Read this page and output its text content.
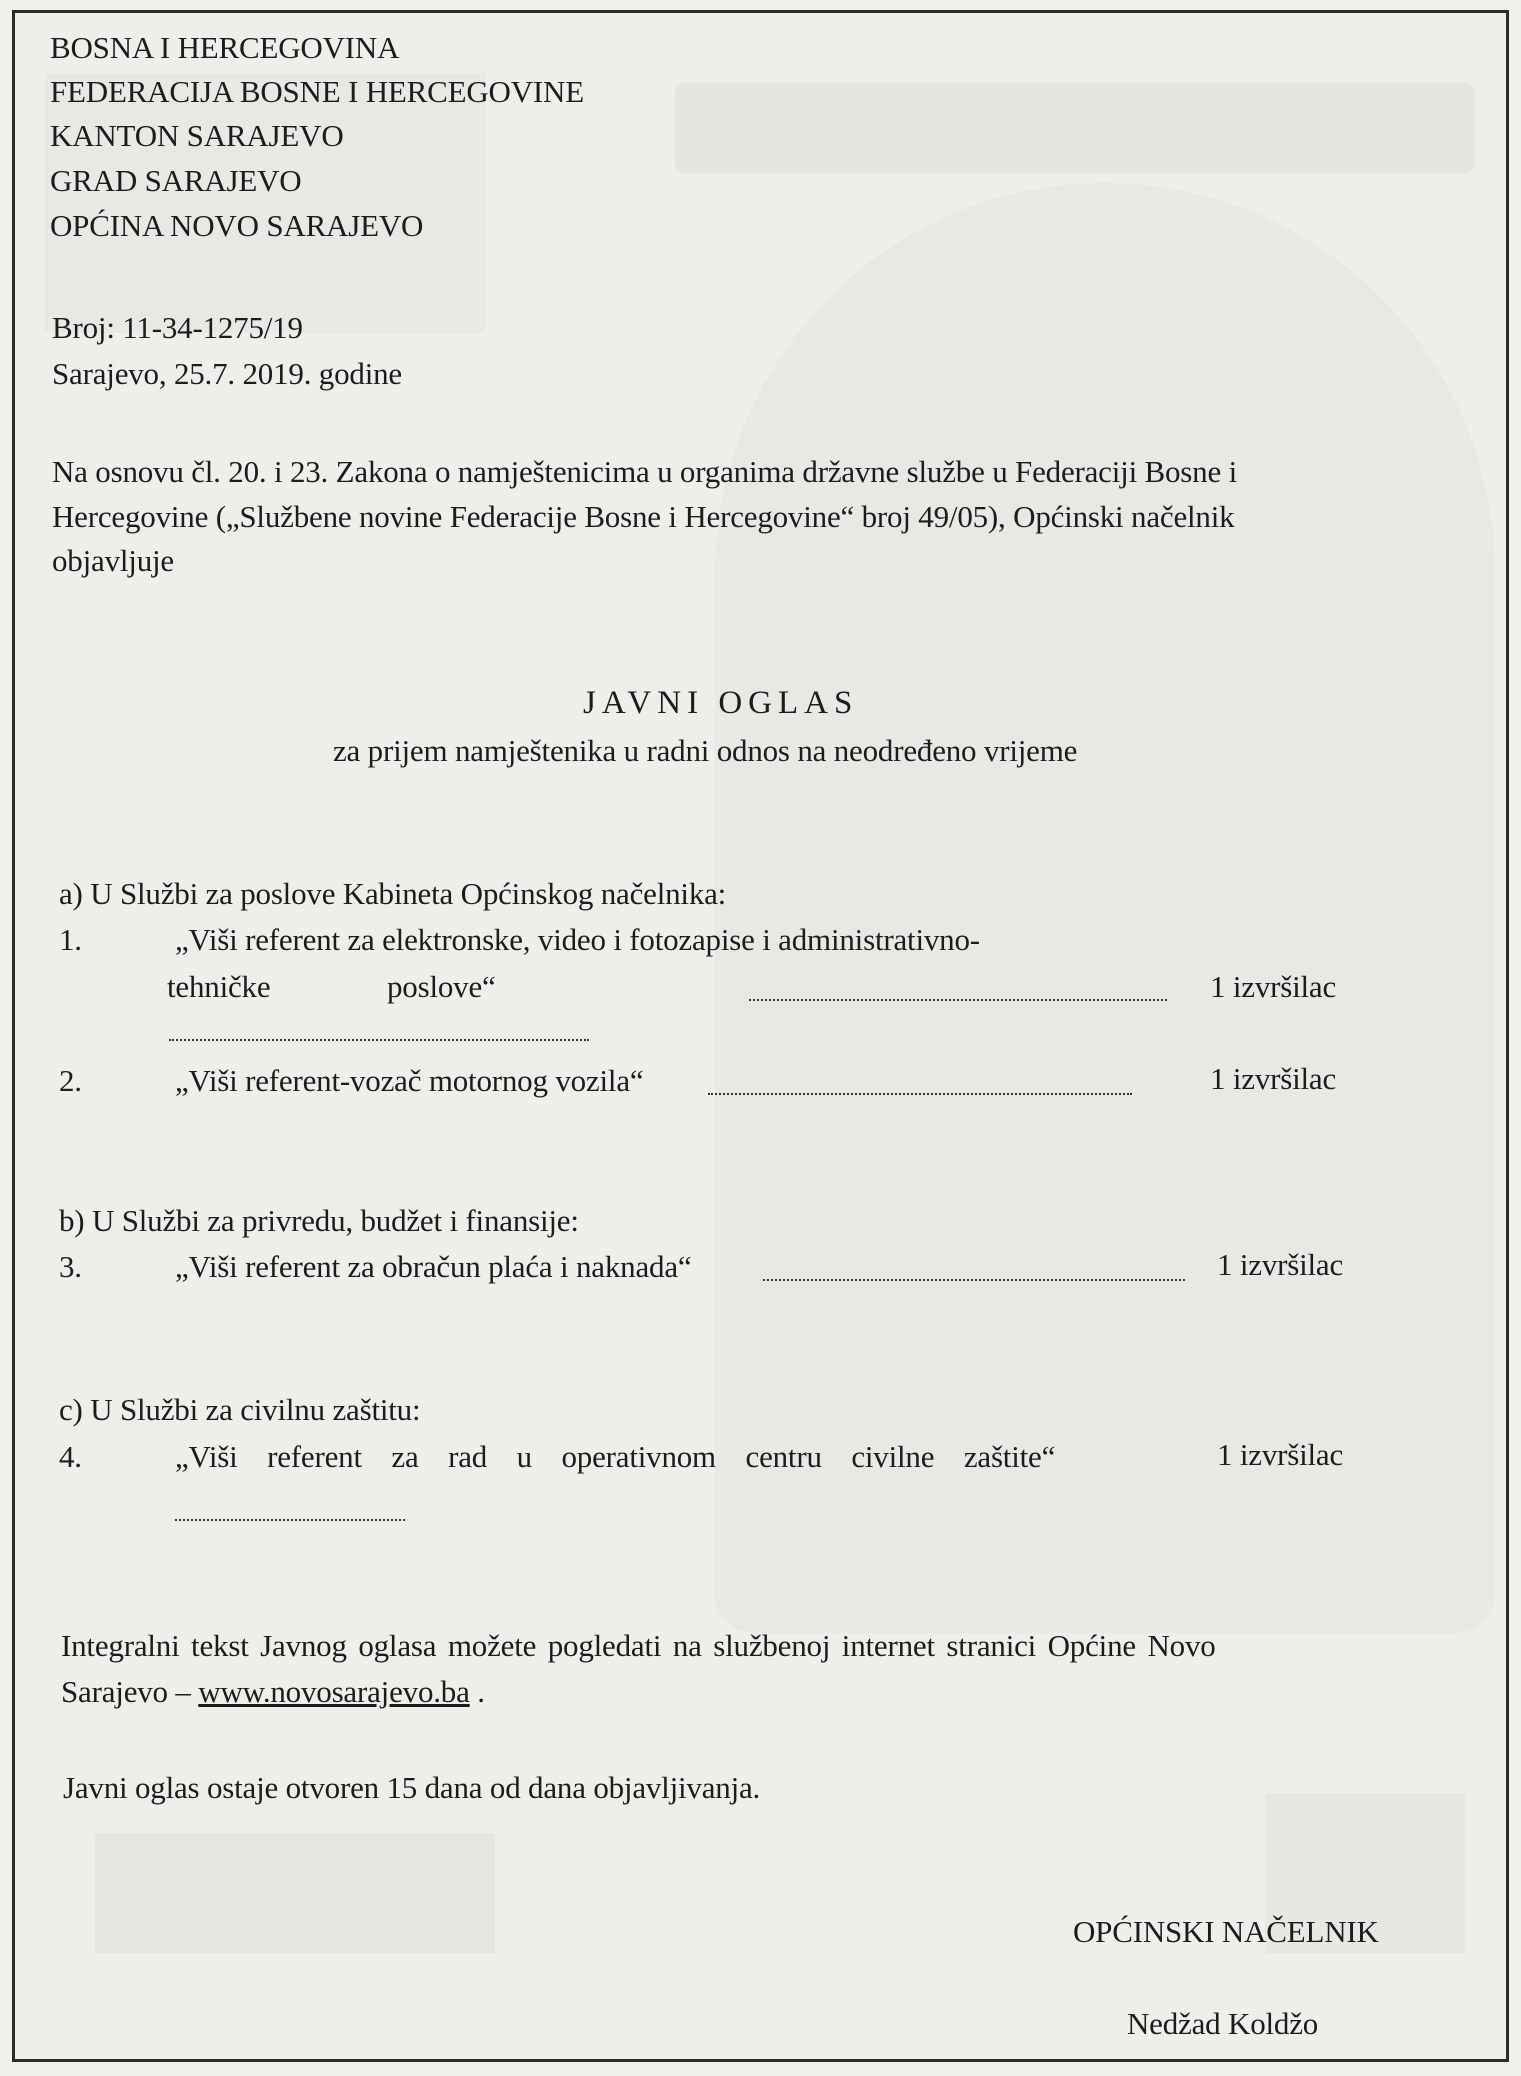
BOSNA I HERCEGOVINA
FEDERACIJA BOSNE I HERCEGOVINE
KANTON SARAJEVO
GRAD SARAJEVO
OPĆINA NOVO SARAJEVO
Broj: 11-34-1275/19
Sarajevo, 25.7. 2019. godine
Na osnovu čl. 20. i 23. Zakona o namještenicima u organima državne službe u Federaciji Bosne i
Hercegovine („Službene novine Federacije Bosne i Hercegovine“ broj 49/05), Općinski načelnik
objavljuje
JAVNI OGLAS
za prijem namještenika u radni odnos na neodređeno vrijeme
a) U Službi za poslove Kabineta Općinskog načelnika:
1.	„Viši referent za elektronske, video i fotozapise i administrativno-
tehničke	poslove“	1 izvršilac
2.	„Viši referent-vozač motornog vozila“	1 izvršilac
b) U Službi za privredu, budžet i finansije:
3.	„Viši referent za obračun plaća i naknada“	1 izvršilac
c) U Službi za civilnu zaštitu:
4.	„Viši referent za rad u operativnom centru civilne zaštite“	1 izvršilac
Integralni tekst Javnog oglasa možete pogledati na službenoj internet stranici Općine Novo
Sarajevo – www.novosarajevo.ba .
Javni oglas ostaje otvoren 15 dana od dana objavljivanja.
OPĆINSKI NAČELNIK
Nedžad Koldžo
